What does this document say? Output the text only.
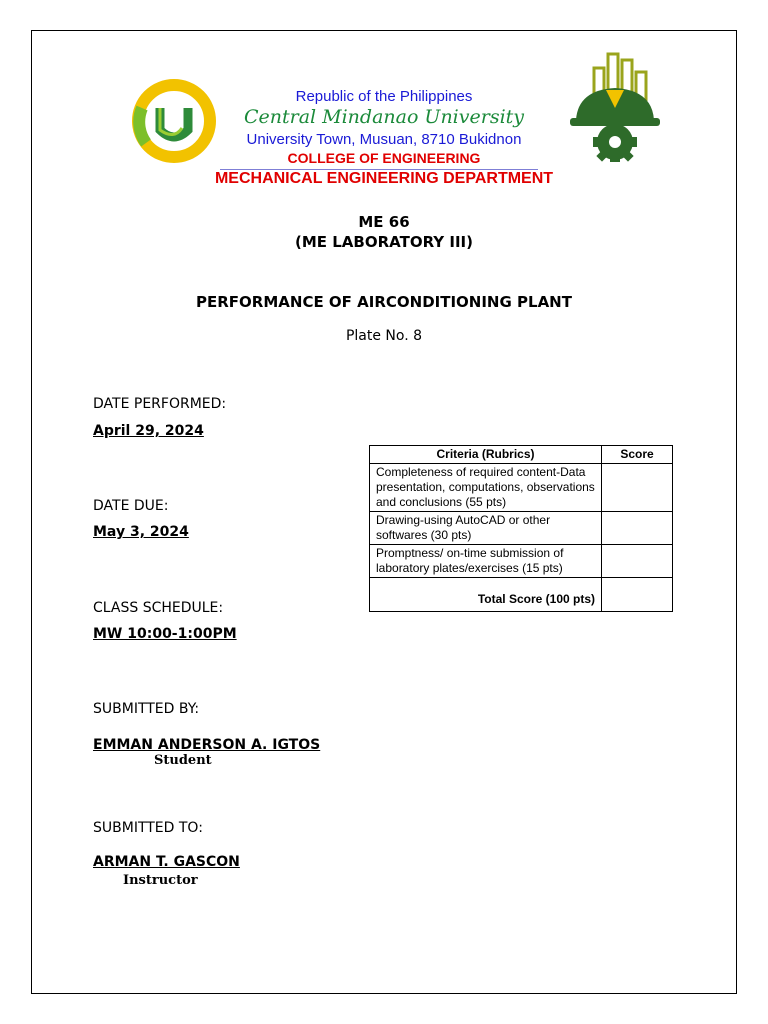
Republic of the Philippines
Central Mindanao University
University Town, Musuan, 8710 Bukidnon
COLLEGE OF ENGINEERING
MECHANICAL ENGINEERING DEPARTMENT
ME 66
(ME LABORATORY III)
PERFORMANCE OF AIRCONDITIONING PLANT
Plate No. 8
DATE PERFORMED:
April 29, 2024
DATE DUE:
May 3, 2024
CLASS SCHEDULE:
MW 10:00-1:00PM
SUBMITTED BY:
EMMAN ANDERSON A. IGTOS
Student
SUBMITTED TO:
ARMAN T. GASCON
Instructor
Criteria (Rubrics)	Score
Completeness of required content-Data presentation, computations, observations and conclusions (55 pts)	
Drawing-using AutoCAD or other softwares (30 pts)	
Promptness/ on-time submission of laboratory plates/exercises (15 pts)	
Total Score (100 pts)	
